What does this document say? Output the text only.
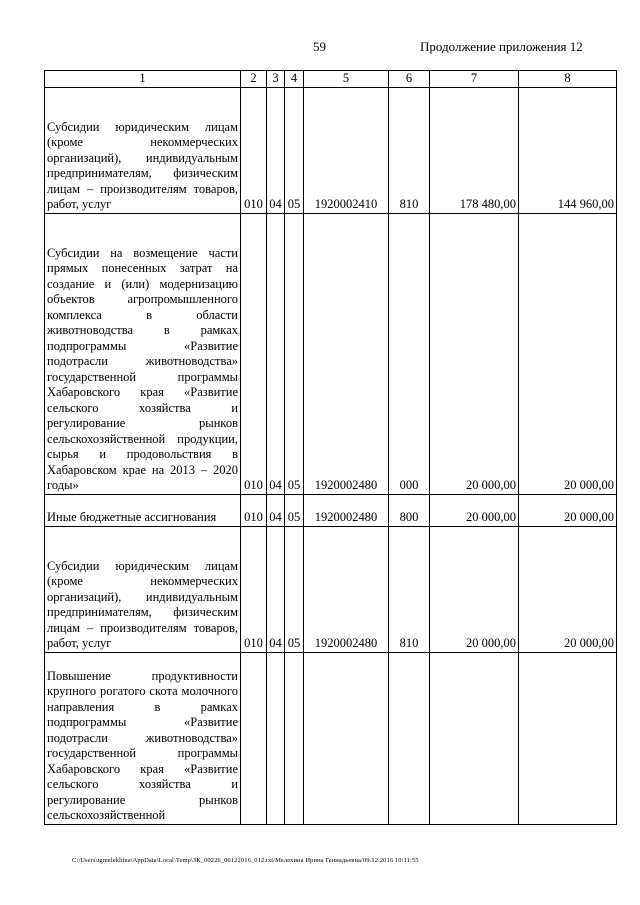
59	Продолжение приложения 12
1	2	3	4	5	6	7	8
Субсидии юридическим лицам (кроме некоммерческих организаций), индивидуальным предпринимателям, физическим лицам – производителям товаров, работ, услуг	010	04	05	1920002410	810	178 480,00	144 960,00
Субсидии на возмещение части прямых понесенных затрат на создание и (или) модернизацию объектов агропромышленного комплекса в области животноводства в рамках подпрограммы «Развитие подотрасли животноводства» государственной программы Хабаровского края «Развитие сельского хозяйства и регулирование рынков сельскохозяйственной продукции, сырья и продовольствия в Хабаровском крае на 2013 – 2020 годы»	010	04	05	1920002480	000	20 000,00	20 000,00
Иные бюджетные ассигнования	010	04	05	1920002480	800	20 000,00	20 000,00
Субсидии юридическим лицам (кроме некоммерческих организаций), индивидуальным предпринимателям, физическим лицам – производителям товаров, работ, услуг	010	04	05	1920002480	810	20 000,00	20 000,00
Повышение продуктивности крупного рогатого скота молочного направления в рамках подпрограммы «Развитие подотрасли животноводства» государственной программы Хабаровского края «Развитие сельского хозяйства и регулирование рынков сельскохозяйственной							
C:\Users\igmelekhina\AppData\Local\Temp\ЗК_00226_06122016_012.txt/Мелехина Ирина Геннадьевна/09.12.2016 10:11:55
